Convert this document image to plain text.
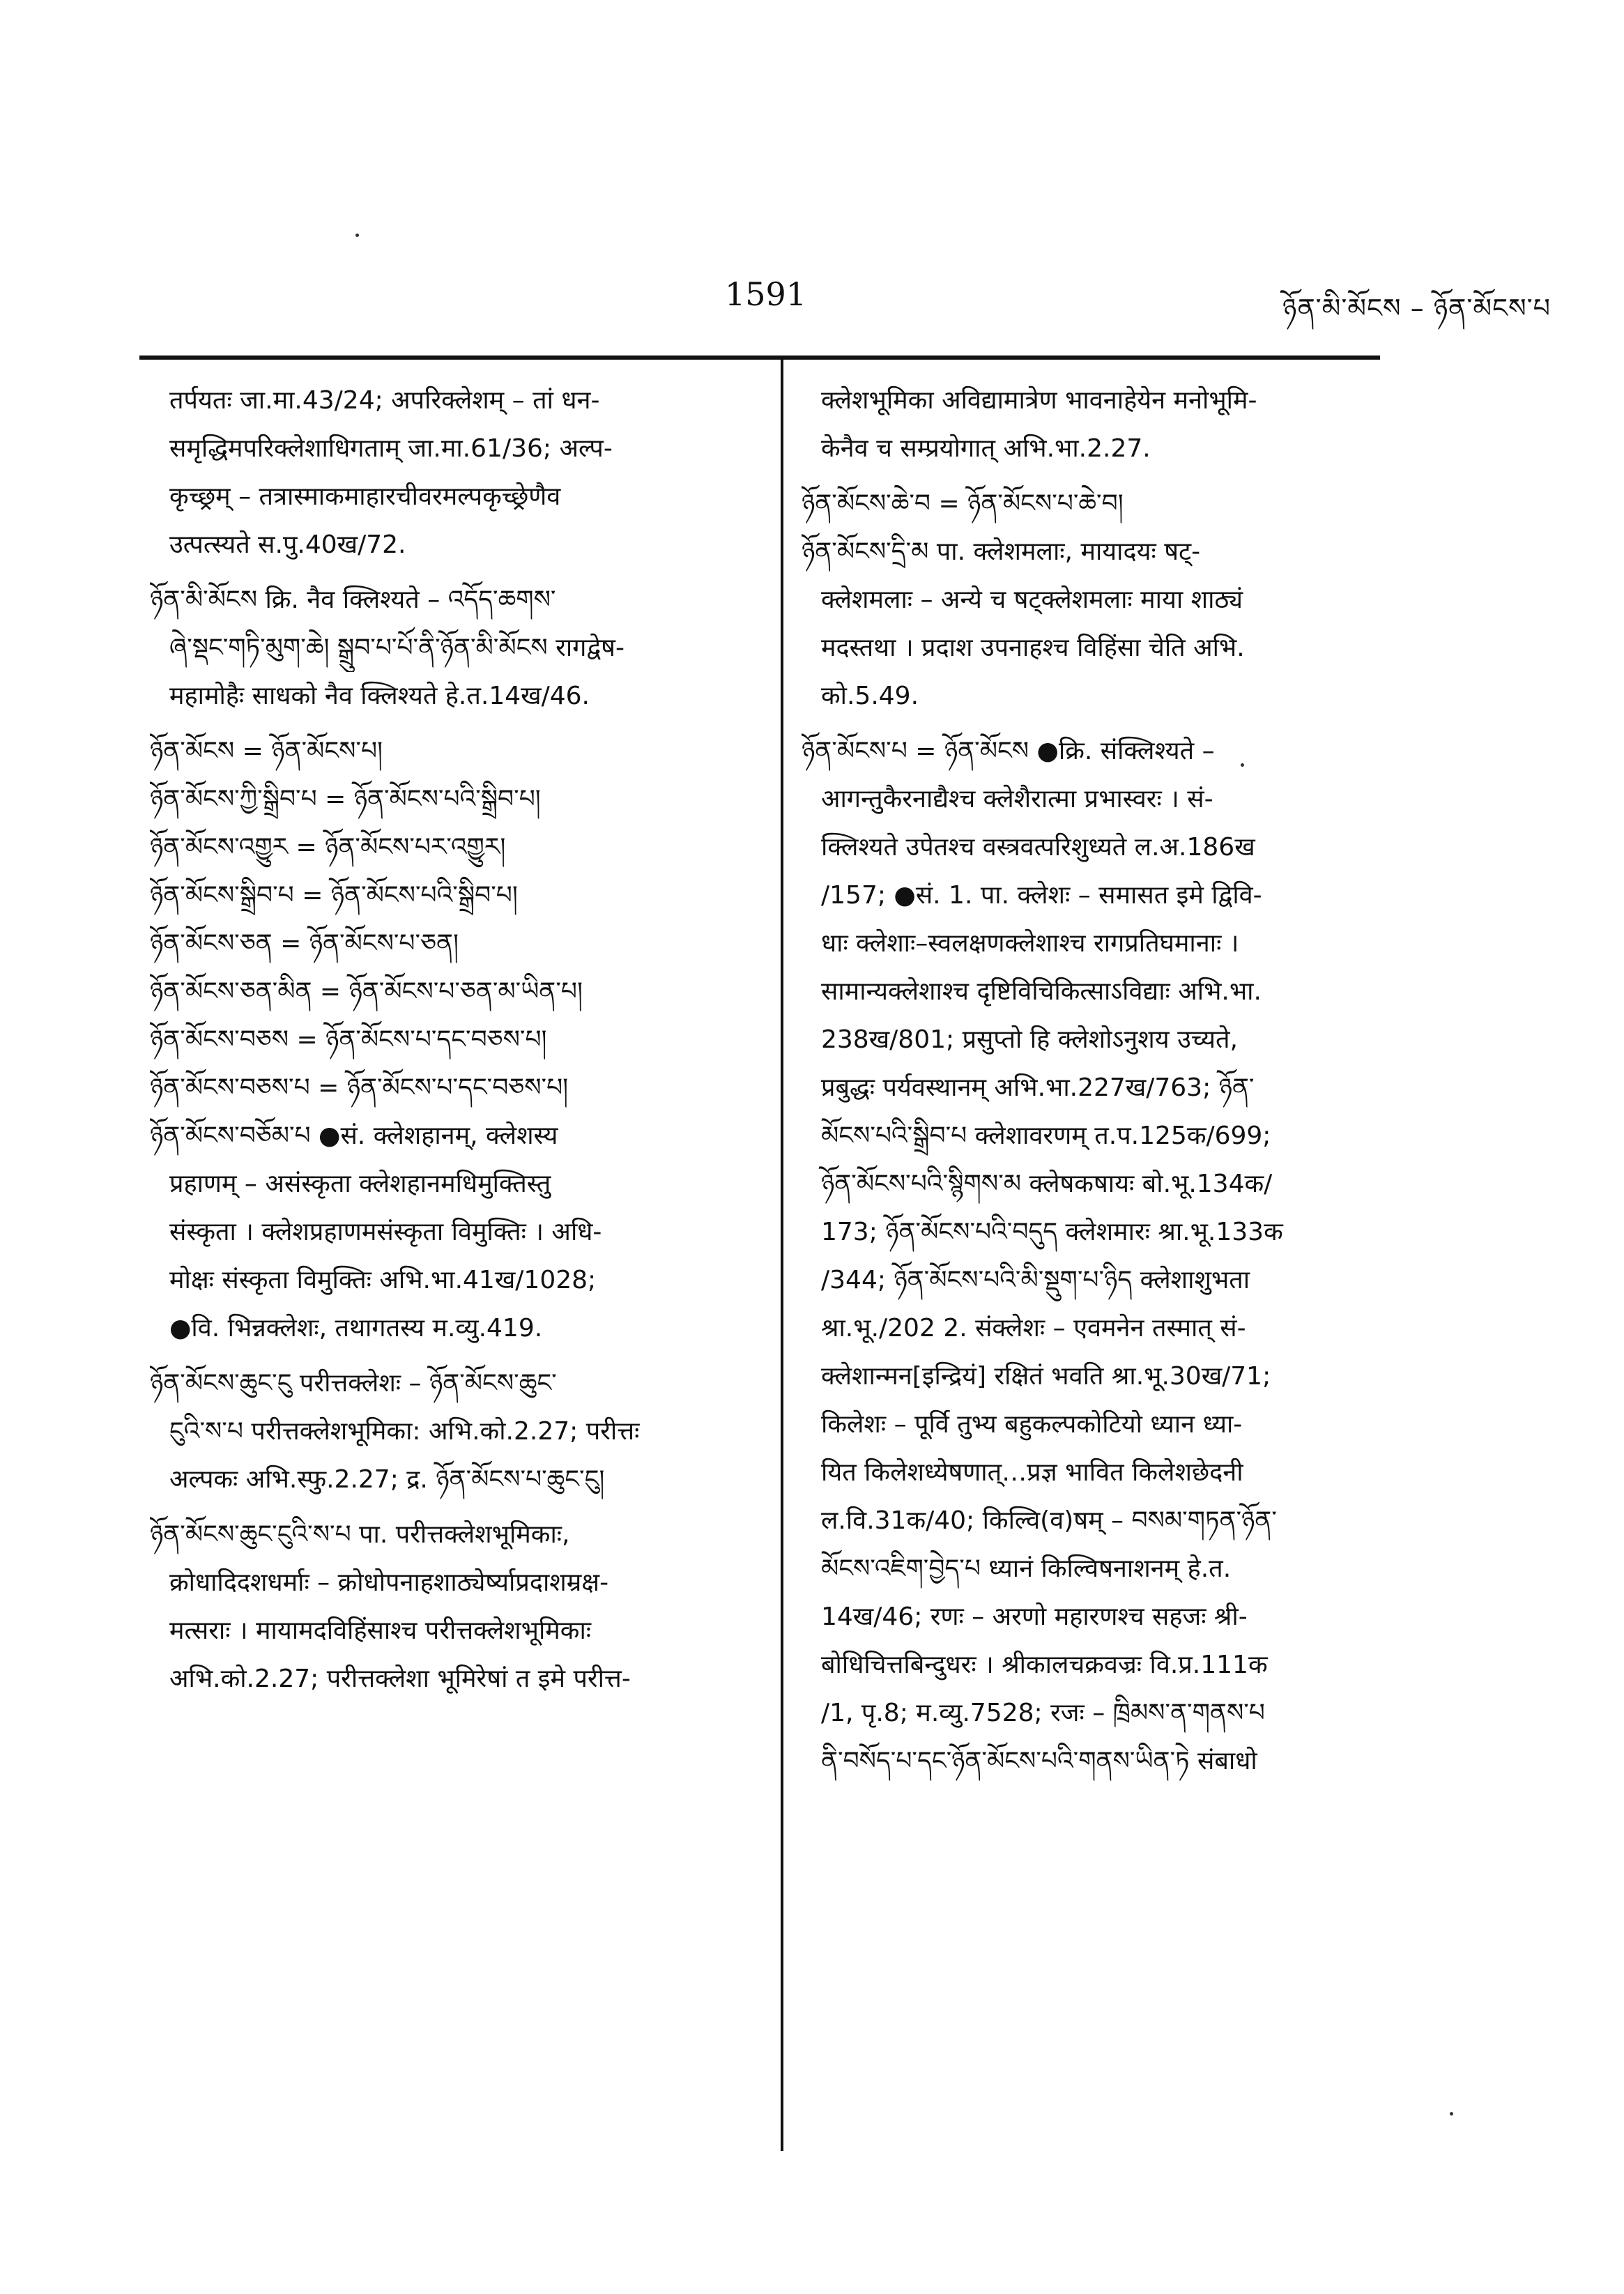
1591	ཉོན་མི་མོངས – ཉོན་མོངས་པ
तर्पयतः जा.मा.43/24; अपरिक्लेशम् – तां धन-
समृद्धिमपरिक्लेशाधिगताम् जा.मा.61/36; अल्प-
कृच्छ्रम् – तत्रास्माकमाहारचीवरमल्पकृच्छ्रेणैव
उत्पत्स्यते स.पु.40ख/72.
ཉོན་མི་མོངས क्रि. नैव क्लिश्यते – འདོད་ཆགས་
ཞེ་སྡང་གཏི་མུག་ཆེ། སྒྲུབ་པ་པོ་ནི་ཉོན་མི་མོངས रागद्वेष-
महामोहैः साधको नैव क्लिश्यते हे.त.14ख/46.
ཉོན་མོངས = ཉོན་མོངས་པ།
ཉོན་མོངས་ཀྱི་སྒྲིབ་པ = ཉོན་མོངས་པའི་སྒྲིབ་པ།
ཉོན་མོངས་འགྱུར = ཉོན་མོངས་པར་འགྱུར།
ཉོན་མོངས་སྒྲིབ་པ = ཉོན་མོངས་པའི་སྒྲིབ་པ།
ཉོན་མོངས་ཅན = ཉོན་མོངས་པ་ཅན།
ཉོན་མོངས་ཅན་མིན = ཉོན་མོངས་པ་ཅན་མ་ཡིན་པ།
ཉོན་མོངས་བཅས = ཉོན་མོངས་པ་དང་བཅས་པ།
ཉོན་མོངས་བཅས་པ = ཉོན་མོངས་པ་དང་བཅས་པ།
ཉོན་མོངས་བཅོམ་པ ●सं. क्लेशहानम्, क्लेशस्य
प्रहाणम् – असंस्कृता क्लेशहानमधिमुक्तिस्तु
संस्कृता । क्लेशप्रहाणमसंस्कृता विमुक्तिः । अधि-
मोक्षः संस्कृता विमुक्तिः अभि.भा.41ख/1028;
●वि. भिन्नक्लेशः, तथागतस्य म.व्यु.419.
ཉོན་མོངས་ཆུང་ངུ परीत्तक्लेशः – ཉོན་མོངས་ཆུང་
ངུའི་ས་པ परीत्तक्लेशभूमिका: अभि.को.2.27; परीत्तः
अल्पकः अभि.स्फु.2.27; द्र. ཉོན་མོངས་པ་ཆུང་ངུ།
ཉོན་མོངས་ཆུང་ངུའི་ས་པ पा. परीत्तक्लेशभूमिकाः,
क्रोधादिदशधर्माः – क्रोधोपनाहशाठ्येर्ष्याप्रदाशम्रक्ष-
मत्सराः । मायामदविहिंसाश्च परीत्तक्लेशभूमिकाः
अभि.को.2.27; परीत्तक्लेशा भूमिरेषां त इमे परीत्त-
क्लेशभूमिका अविद्यामात्रेण भावनाहेयेन मनोभूमि-
केनैव च सम्प्रयोगात् अभि.भा.2.27.
ཉོན་མོངས་ཆེ་བ = ཉོན་མོངས་པ་ཆེ་བ།
ཉོན་མོངས་དྲི་མ पा. क्लेशमलाः, मायादयः षट्-
क्लेशमलाः – अन्ये च षट्क्लेशमलाः माया शाठ्यं
मदस्तथा । प्रदाश उपनाहश्च विहिंसा चेति अभि.
को.5.49.
ཉོན་མོངས་པ = ཉོན་མོངས ●क्रि. संक्लिश्यते –
आगन्तुकैरनाद्यैश्च क्लेशैरात्मा प्रभास्वरः । सं-
क्लिश्यते उपेतश्च वस्त्रवत्परिशुध्यते ल.अ.186ख
/157; ●सं. 1. पा. क्लेशः – समासत इमे द्विवि-
धाः क्लेशाः–स्वलक्षणक्लेशाश्च रागप्रतिघमानाः ।
सामान्यक्लेशाश्च दृष्टिविचिकित्साऽविद्याः अभि.भा.
238ख/801; प्रसुप्तो हि क्लेशोऽनुशय उच्यते,
प्रबुद्धः पर्यवस्थानम् अभि.भा.227ख/763; ཉོན་
མོངས་པའི་སྒྲིབ་པ क्लेशावरणम् त.प.125क/699;
ཉོན་མོངས་པའི་སྙིགས་མ क्लेषकषायः बो.भू.134क/
173; ཉོན་མོངས་པའི་བདུད क्लेशमारः श्रा.भू.133क
/344; ཉོན་མོངས་པའི་མི་སྡུག་པ་ཉིད क्लेशाशुभता
श्रा.भू./202 2. संक्लेशः – एवमनेन तस्मात् सं-
क्लेशान्मन[इन्द्रियं] रक्षितं भवति श्रा.भू.30ख/71;
किलेशः – पूर्वि तुभ्य बहुकल्पकोटियो ध्यान ध्या-
यित किलेशध्येषणात्…प्रज्ञ भावित किलेशछेदनी
ल.वि.31क/40; किल्वि(व)षम् – བསམ་གཏན་ཉོན་
མོངས་འཇིག་བྱེད་པ ध्यानं किल्विषनाशनम् हे.त.
14ख/46; रणः – अरणो महारणश्च सहजः श्री-
बोधिचित्तबिन्दुधरः । श्रीकालचक्रवज्रः वि.प्र.111क
/1, पृ.8; म.व्यु.7528; रजः – ཁྲིམས་ན་གནས་པ
ནི་བསོད་པ་དང་ཉོན་མོངས་པའི་གནས་ཡིན་ཏེ संबाधो
